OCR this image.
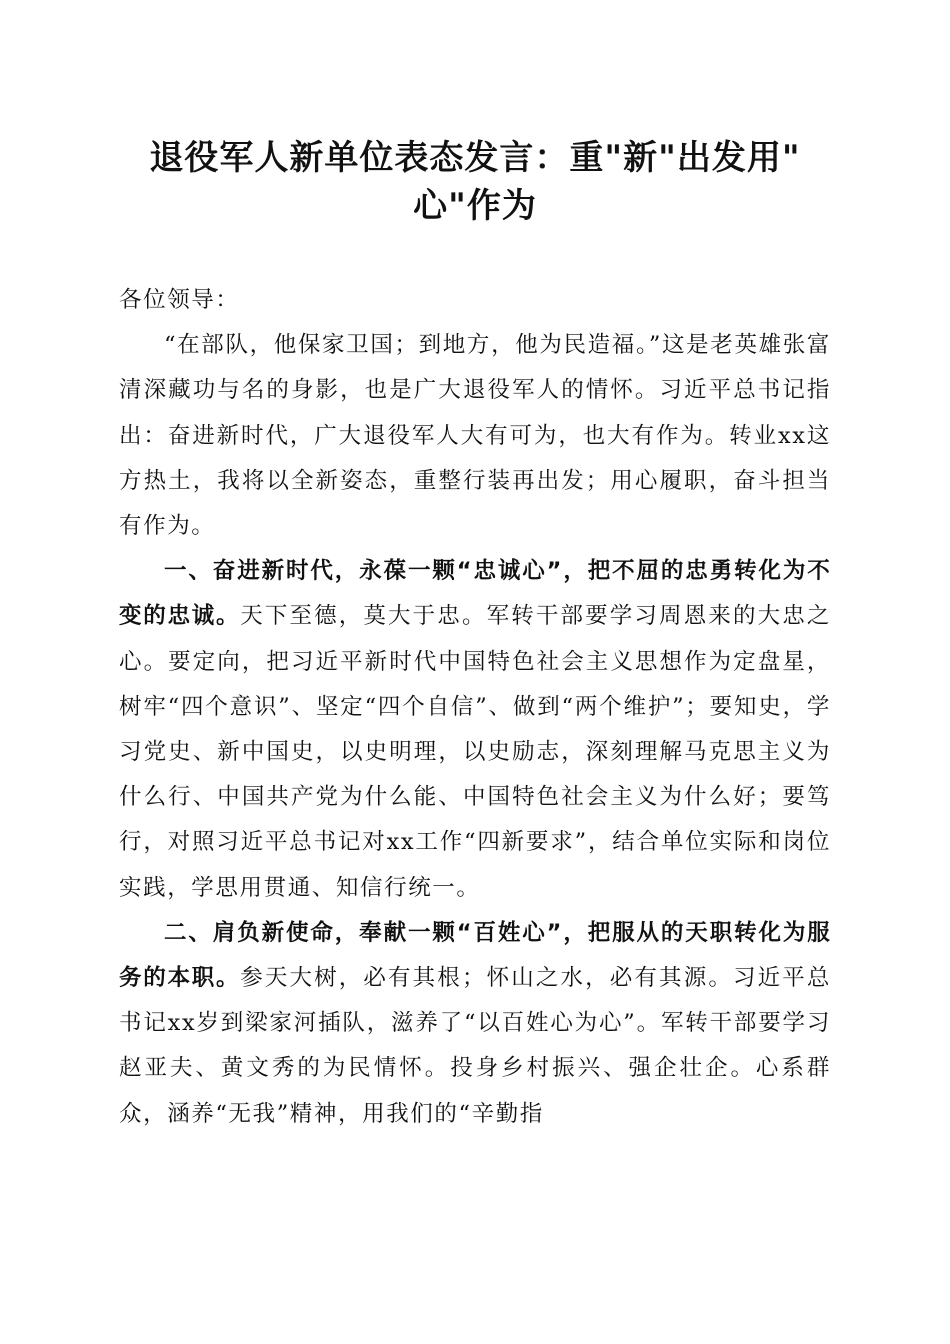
退役军人新单位表态发言：重"新"出发用"
心"作为

各位领导：

“在部队，他保家卫国；到地方，他为民造福。”这是老英雄张富清深藏功与名的身影，也是广大退役军人的情怀。习近平总书记指出：奋进新时代，广大退役军人大有可为，也大有作为。转业xx这方热土，我将以全新姿态，重整行装再出发；用心履职，奋斗担当有作为。

一、奋进新时代，永葆一颗“忠诚心”，把不屈的忠勇转化为不变的忠诚。天下至德，莫大于忠。军转干部要学习周恩来的大忠之心。要定向，把习近平新时代中国特色社会主义思想作为定盘星，树牢“四个意识”、坚定“四个自信”、做到“两个维护”；要知史，学习党史、新中国史，以史明理，以史励志，深刻理解马克思主义为什么行、中国共产党为什么能、中国特色社会主义为什么好；要笃行，对照习近平总书记对xx工作“四新要求”，结合单位实际和岗位实践，学思用贯通、知信行统一。

二、肩负新使命，奉献一颗“百姓心”，把服从的天职转化为服务的本职。参天大树，必有其根；怀山之水，必有其源。习近平总书记xx岁到梁家河插队，滋养了“以百姓心为心”。军转干部要学习赵亚夫、黄文秀的为民情怀。投身乡村振兴、强企壮企。心系群众，涵养“无我”精神，用我们的“辛勤指
